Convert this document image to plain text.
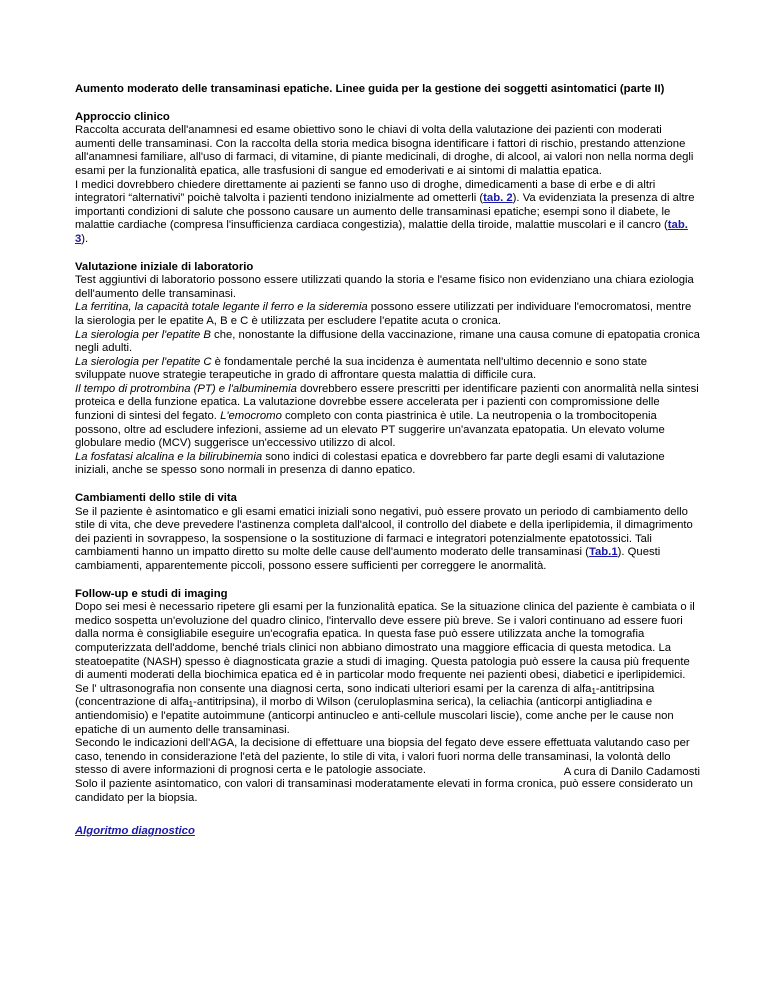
Aumento moderato delle transaminasi epatiche. Linee guida per la gestione dei soggetti asintomatici (parte II)
Approccio clinico
Raccolta accurata dell'anamnesi ed esame obiettivo sono le chiavi di volta della valutazione dei pazienti con moderati aumenti delle transaminasi. Con la raccolta della storia medica bisogna identificare i fattori di rischio, prestando attenzione all'anamnesi familiare, all'uso di farmaci, di vitamine, di piante medicinali, di droghe, di alcool, ai valori non nella norma degli esami per la funzionalità epatica, alle trasfusioni di sangue ed emoderivati e ai sintomi di malattia epatica.
I medici dovrebbero chiedere direttamente ai pazienti se fanno uso di droghe, dimedicamenti a base di erbe e di altri integratori “alternativi” poichè talvolta i pazienti tendono inizialmente ad ometterli (tab. 2). Va evidenziata la presenza di altre importanti condizioni di salute che possono causare un aumento delle transaminasi epatiche; esempi sono il diabete, le malattie cardiache (compresa l'insufficienza cardiaca congestizia), malattie della tiroide, malattie muscolari e il cancro (tab. 3).
Valutazione iniziale di laboratorio
Test aggiuntivi di laboratorio possono essere utilizzati quando la storia e l'esame fisico non evidenziano una chiara eziologia dell'aumento delle transaminasi.
La ferritina, la capacità totale legante il ferro e la sideremia possono essere utilizzati per individuare l'emocromatosi, mentre la sierologia per le epatite A, B e C è utilizzata per escludere l'epatite acuta o cronica.
La sierologia per l'epatite B che, nonostante la diffusione della vaccinazione, rimane una causa comune di epatopatia cronica negli adulti.
La sierologia per l'epatite C è fondamentale perché la sua incidenza è aumentata nell'ultimo decennio e sono state sviluppate nuove strategie terapeutiche in grado di affrontare questa malattia di difficile cura.
Il tempo di protrombina (PT) e l'albuminemia dovrebbero essere prescritti per identificare pazienti con anormalità nella sintesi proteica e della funzione epatica. La valutazione dovrebbe essere accelerata per i pazienti con compromissione delle funzioni di sintesi del fegato. L'emocromo completo con conta piastrinica è utile. La neutropenia o la trombocitopenia possono, oltre ad escludere infezioni, assieme ad un elevato PT suggerire un'avanzata epatopatia. Un elevato volume globulare medio (MCV) suggerisce un'eccessivo utilizzo di alcol.
La fosfatasi alcalina e la bilirubinemia sono indici di colestasi epatica e dovrebbero far parte degli esami di valutazione iniziali, anche se spesso sono normali in presenza di danno epatico.
Cambiamenti dello stile di vita
Se il paziente è asintomatico e gli esami ematici iniziali sono negativi, può essere provato un periodo di cambiamento dello stile di vita, che deve prevedere l'astinenza completa dall'alcool, il controllo del diabete e della iperlipidemia, il dimagrimento dei pazienti in sovrappeso, la sospensione o la sostituzione di farmaci e integratori potenzialmente epatotossici. Tali cambiamenti hanno un impatto diretto su molte delle cause dell'aumento moderato delle transaminasi (Tab.1). Questi cambiamenti, apparentemente piccoli, possono essere sufficienti per correggere le anormalità.
Follow-up e studi di imaging
Dopo sei mesi è necessario ripetere gli esami per la funzionalità epatica. Se la situazione clinica del paziente è cambiata o il medico sospetta un'evoluzione del quadro clinico, l'intervallo deve essere più breve. Se i valori continuano ad essere fuori dalla norma è consigliabile eseguire un'ecografia epatica. In questa fase può essere utilizzata anche la tomografia computerizzata dell'addome, benché trials clinici non abbiano dimostrato una maggiore efficacia di questa metodica. La steatoepatite (NASH) spesso è diagnosticata grazie a studi di imaging. Questa patologia può essere la causa più frequente di aumenti moderati della biochimica epatica ed è in particolar modo frequente nei pazienti obesi, diabetici e iperlipidemici.
Se l' ultrasonografia non consente una diagnosi certa, sono indicati ulteriori esami per la carenza di alfa$_1$-antitripsina (concentrazione di alfa$_1$-antitripsina), il morbo di Wilson (ceruloplasmina serica), la celiachia (anticorpi antigliadina e antiendomisio) e l'epatite autoimmune (anticorpi antinucleo e anti-cellule muscolari liscie), come anche per le cause non epatiche di un aumento delle transaminasi.
Secondo le indicazioni dell'AGA, la decisione di effettuare una biopsia del fegato deve essere effettuata valutando caso per caso, tenendo in considerazione l'età del paziente, lo stile di vita, i valori fuori norma delle transaminasi, la volontà dello stesso di avere informazioni di prognosi certa e le patologie associate.
Solo il paziente asintomatico, con valori di transaminasi moderatamente elevati in forma cronica, può essere considerato un candidato per la biopsia.
Algoritmo diagnostico
A cura di Danilo Cadamosti
